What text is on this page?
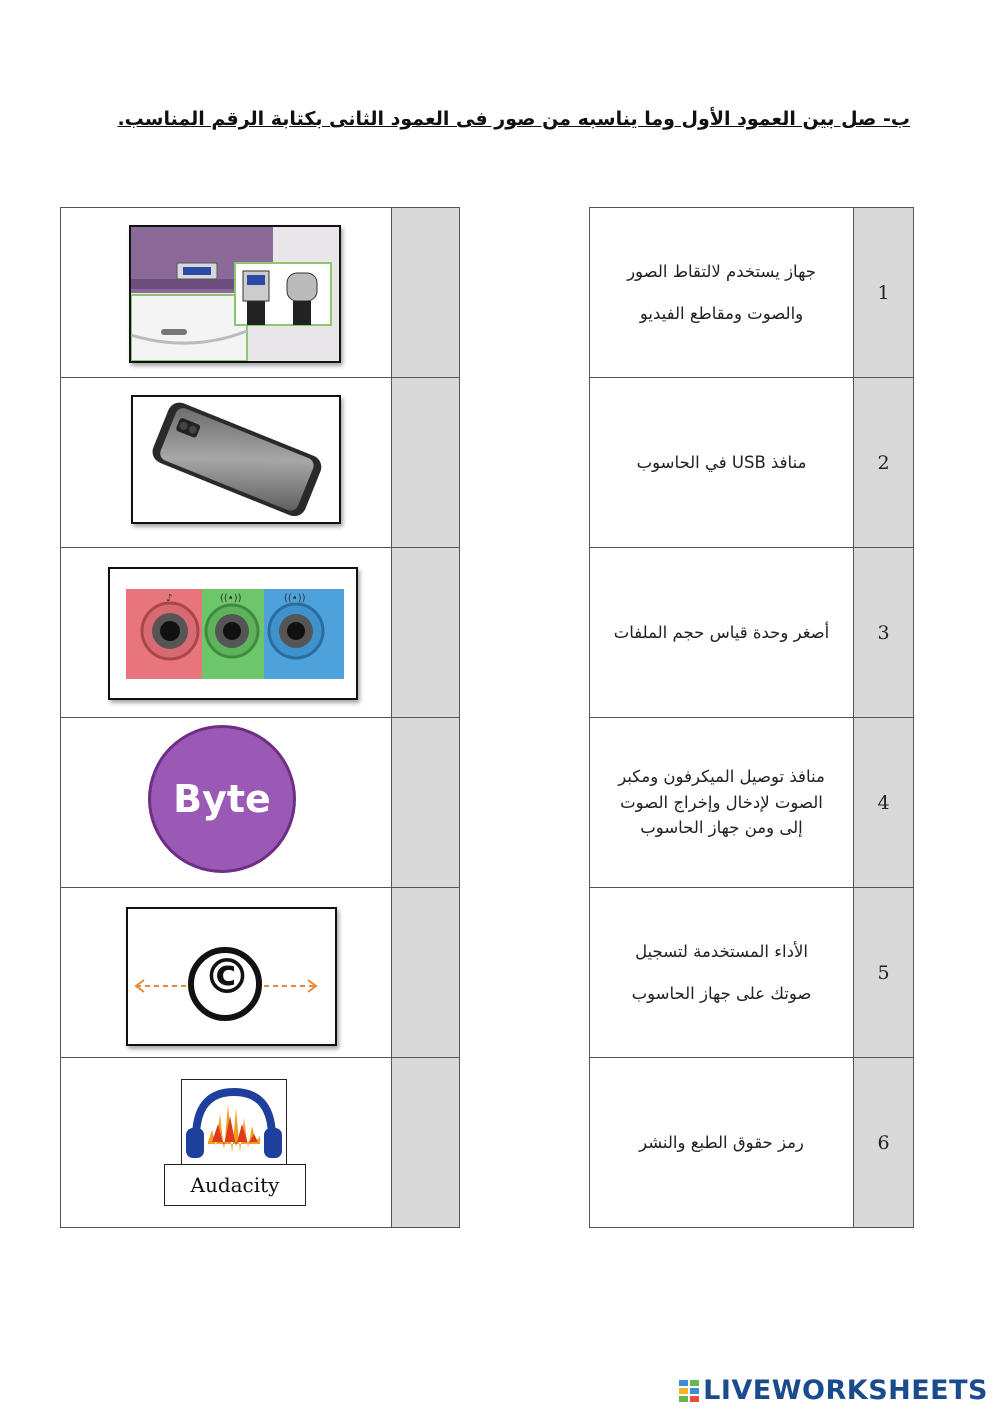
ب- صل بين العمود الأول وما يناسبه من صور فى العمود الثانى بكتابة الرقم المناسب.

♪ ((•)) ((•))	

Byte	

©	

Audacity	

جهاز يستخدم لالتقاط الصور
والصوت ومقاطع الفيديو	1

منافذ USB في الحاسوب	2

أصغر وحدة قياس حجم الملفات	3

منافذ توصيل الميكرفون ومكبر
الصوت لإدخال وإخراج الصوت
إلى ومن جهاز الحاسوب	4

الأداء المستخدمة لتسجيل
صوتك على جهاز الحاسوب	5

رمز حقوق الطبع والنشر	6
LIVEWORKSHEETS
